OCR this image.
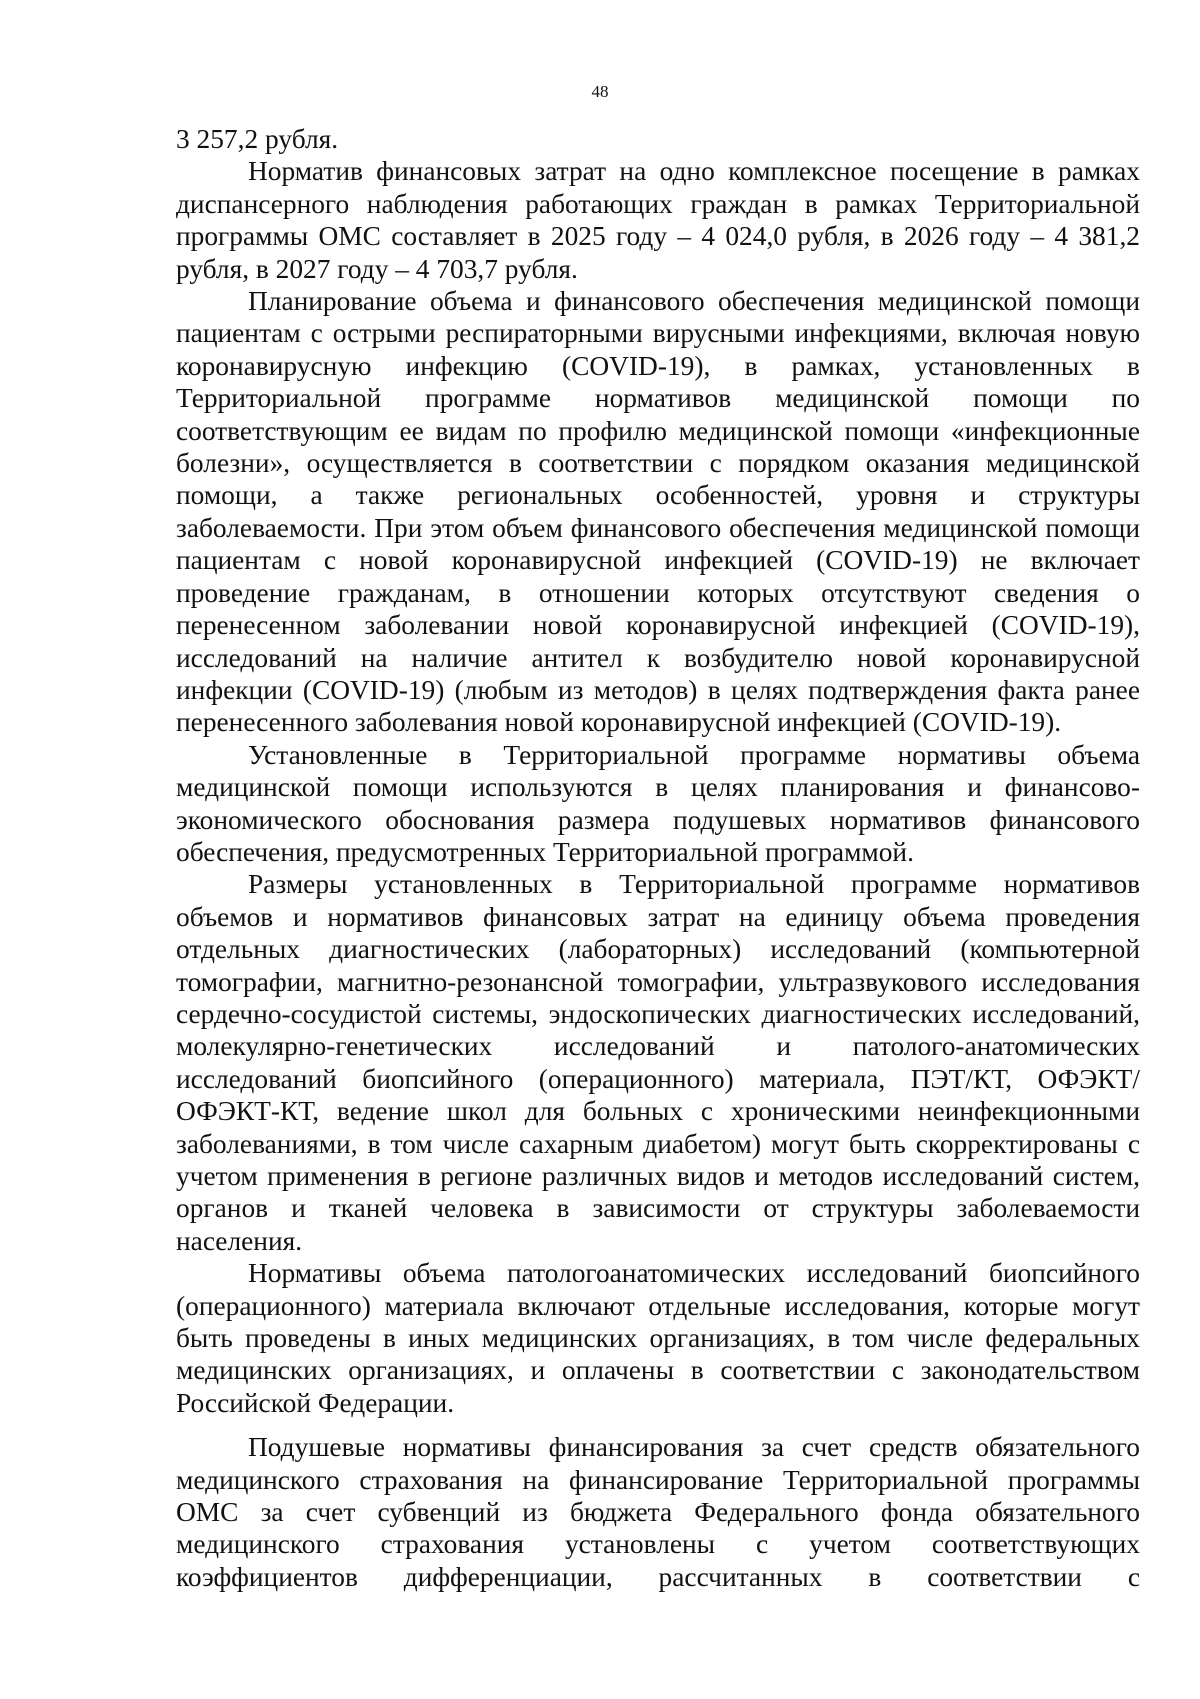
48

3 257,2 рубля.

Норматив финансовых затрат на одно комплексное посещение в рамках диспансерного наблюдения работающих граждан в рамках Территориальной программы ОМС составляет в 2025 году – 4 024,0 рубля, в 2026 году – 4 381,2 рубля, в 2027 году – 4 703,7 рубля.

Планирование объема и финансового обеспечения медицинской помощи пациентам с острыми респираторными вирусными инфекциями, включая новую коронавирусную инфекцию (COVID-19), в рамках, установленных в Территориальной программе нормативов медицинской помощи по соответствующим ее видам по профилю медицинской помощи «инфекционные болезни», осуществляется в соответствии с порядком оказания медицинской помощи, а также региональных особенностей, уровня и структуры заболеваемости. При этом объем финансового обеспечения медицинской помощи пациентам с новой коронавирусной инфекцией (COVID-19) не включает проведение гражданам, в отношении которых отсутствуют сведения о перенесенном заболевании новой коронавирусной инфекцией (COVID-19), исследований на наличие антител к возбудителю новой коронавирусной инфекции (COVID-19) (любым из методов) в целях подтверждения факта ранее перенесенного заболевания новой коронавирусной инфекцией (COVID-19).

Установленные в Территориальной программе нормативы объема медицинской помощи используются в целях планирования и финансово-экономического обоснования размера подушевых нормативов финансового обеспечения, предусмотренных Территориальной программой.

Размеры установленных в Территориальной программе нормативов объемов и нормативов финансовых затрат на единицу объема проведения отдельных диагностических (лабораторных) исследований (компьютерной томографии, магнитно-резонансной томографии, ультразвукового исследования сердечно-сосудистой системы, эндоскопических диагностических исследований, молекулярно-генетических исследований и патолого-анатомических исследований биопсийного (операционного) материала, ПЭТ/КТ, ОФЭКТ/ОФЭКТ-КТ, ведение школ для больных с хроническими неинфекционными заболеваниями, в том числе сахарным диабетом) могут быть скорректированы с учетом применения в регионе различных видов и методов исследований систем, органов и тканей человека в зависимости от структуры заболеваемости населения.

Нормативы объема патологоанатомических исследований биопсийного (операционного) материала включают отдельные исследования, которые могут быть проведены в иных медицинских организациях, в том числе федеральных медицинских организациях, и оплачены в соответствии с законодательством Российской Федерации.

Подушевые нормативы финансирования за счет средств обязательного медицинского страхования на финансирование Территориальной программы ОМС за счет субвенций из бюджета Федерального фонда обязательного медицинского страхования установлены с учетом соответствующих коэффициентов дифференциации, рассчитанных в соответствии с
